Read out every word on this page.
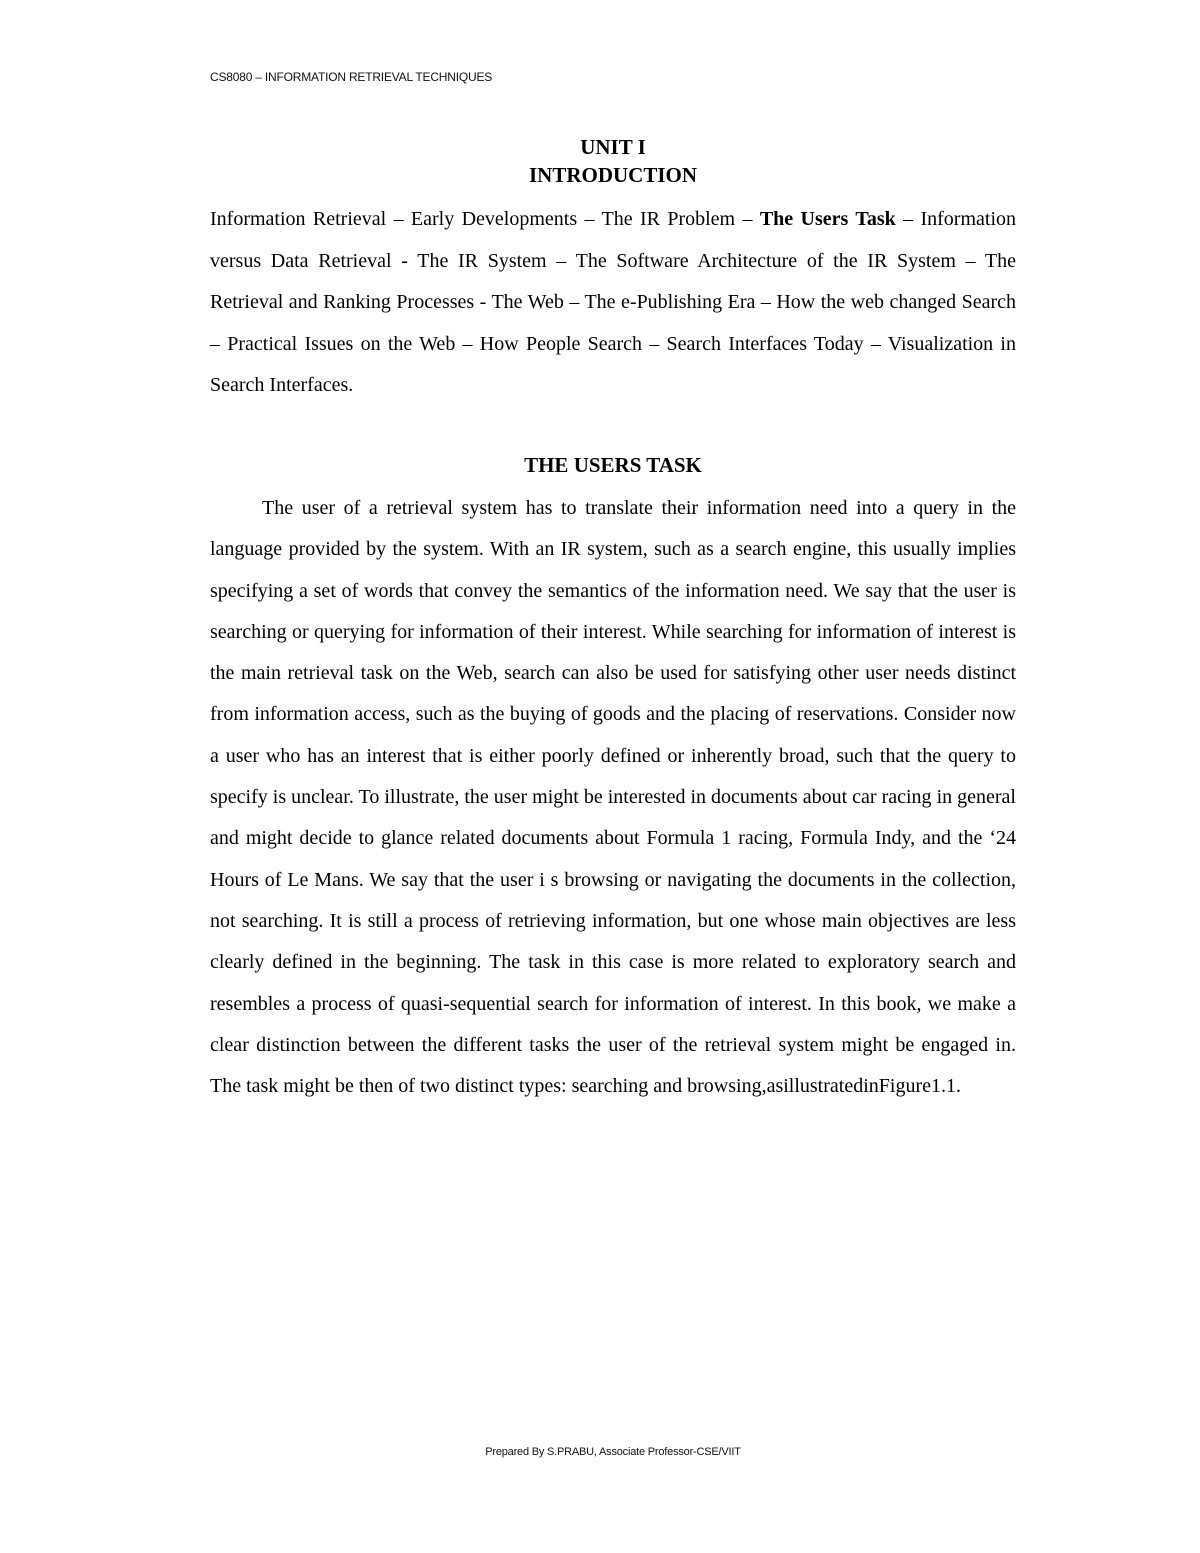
CS8080 – INFORMATION RETRIEVAL TECHNIQUES
UNIT I
INTRODUCTION
Information Retrieval – Early Developments – The IR Problem – The Users Task – Information versus Data Retrieval - The IR System – The Software Architecture of the IR System – The Retrieval and Ranking Processes - The Web – The e-Publishing Era – How the web changed Search – Practical Issues on the Web – How People Search – Search Interfaces Today – Visualization in Search Interfaces.
THE USERS TASK

The user of a retrieval system has to translate their information need into a query in the language provided by the system. With an IR system, such as a search engine, this usually implies specifying a set of words that convey the semantics of the information need. We say that the user is searching or querying for information of their interest. While searching for information of interest is the main retrieval task on the Web, search can also be used for satisfying other user needs distinct from information access, such as the buying of goods and the placing of reservations. Consider now a user who has an interest that is either poorly defined or inherently broad, such that the query to specify is unclear. To illustrate, the user might be interested in documents about car racing in general and might decide to glance related documents about Formula 1 racing, Formula Indy, and the ‘24 Hours of Le Mans. We say that the user i s browsing or navigating the documents in the collection, not searching. It is still a process of retrieving information, but one whose main objectives are less clearly defined in the beginning. The task in this case is more related to exploratory search and resembles a process of quasi-sequential search for information of interest. In this book, we make a clear distinction between the different tasks the user of the retrieval system might be engaged in. The task might be then of two distinct types: searching and browsing,asillustratedinFigure1.1.

Prepared By S.PRABU, Associate Professor-CSE/VIIT
